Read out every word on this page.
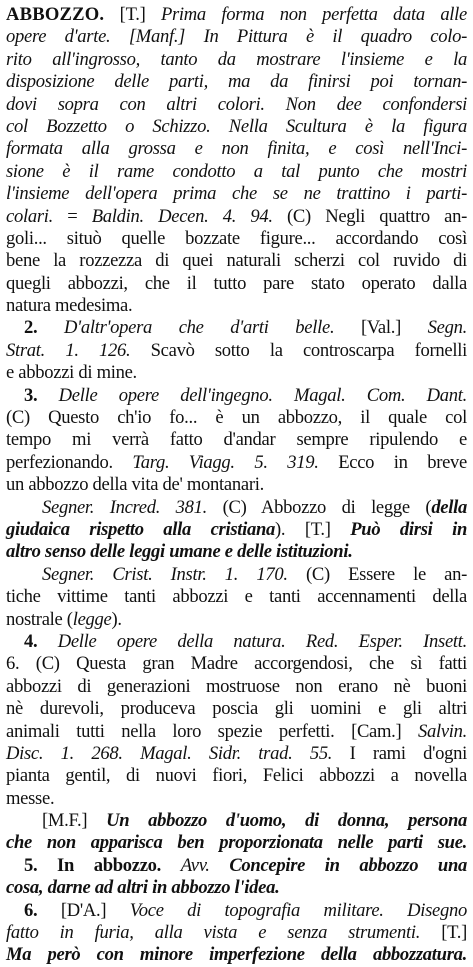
ABBOZZO. [T.] Prima forma non perfetta data alle
opere d'arte. [Manf.] In Pittura è il quadro colo-
rito all'ingrosso, tanto da mostrare l'insieme e la
disposizione delle parti, ma da finirsi poi tornan-
dovi sopra con altri colori. Non dee confondersi
col Bozzetto o Schizzo. Nella Scultura è la figura
formata alla grossa e non finita, e così nell'Inci-
sione è il rame condotto a tal punto che mostri
l'insieme dell'opera prima che se ne trattino i parti-
colari. = Baldin. Decen. 4. 94. (C) Negli quattro an-
goli... situò quelle bozzate figure... accordando così
bene la rozzezza di quei naturali scherzi col ruvido di
quegli abbozzi, che il tutto pare stato operato dalla
natura medesima.
2. D'altr'opera che d'arti belle. [Val.] Segn.
Strat. 1. 126. Scavò sotto la controscarpa fornelli
e abbozzi di mine.
3. Delle opere dell'ingegno. Magal. Com. Dant.
(C) Questo ch'io fo... è un abbozzo, il quale col
tempo mi verrà fatto d'andar sempre ripulendo e
perfezionando. Targ. Viagg. 5. 319. Ecco in breve
un abbozzo della vita de' montanari.
Segner. Incred. 381. (C) Abbozzo di legge (della
giudaica rispetto alla cristiana). [T.] Può dirsi in
altro senso delle leggi umane e delle istituzioni.
Segner. Crist. Instr. 1. 170. (C) Essere le an-
tiche vittime tanti abbozzi e tanti accennamenti della
nostrale (legge).
4. Delle opere della natura. Red. Esper. Insett.
6. (C) Questa gran Madre accorgendosi, che sì fatti
abbozzi di generazioni mostruose non erano nè buoni
nè durevoli, produceva poscia gli uomini e gli altri
animali tutti nella loro spezie perfetti. [Cam.] Salvin.
Disc. 1. 268. Magal. Sidr. trad. 55. I rami d'ogni
pianta gentil, di nuovi fiori, Felici abbozzi a novella
messe.
[M.F.] Un abbozzo d'uomo, di donna, persona
che non apparisca ben proporzionata nelle parti sue.
5. In abbozzo. Avv. Concepire in abbozzo una
cosa, darne ad altri in abbozzo l'idea.
6. [D'A.] Voce di topografia militare. Disegno
fatto in furia, alla vista e senza strumenti. [T.]
Ma però con minore imperfezione della abbozzatura.
